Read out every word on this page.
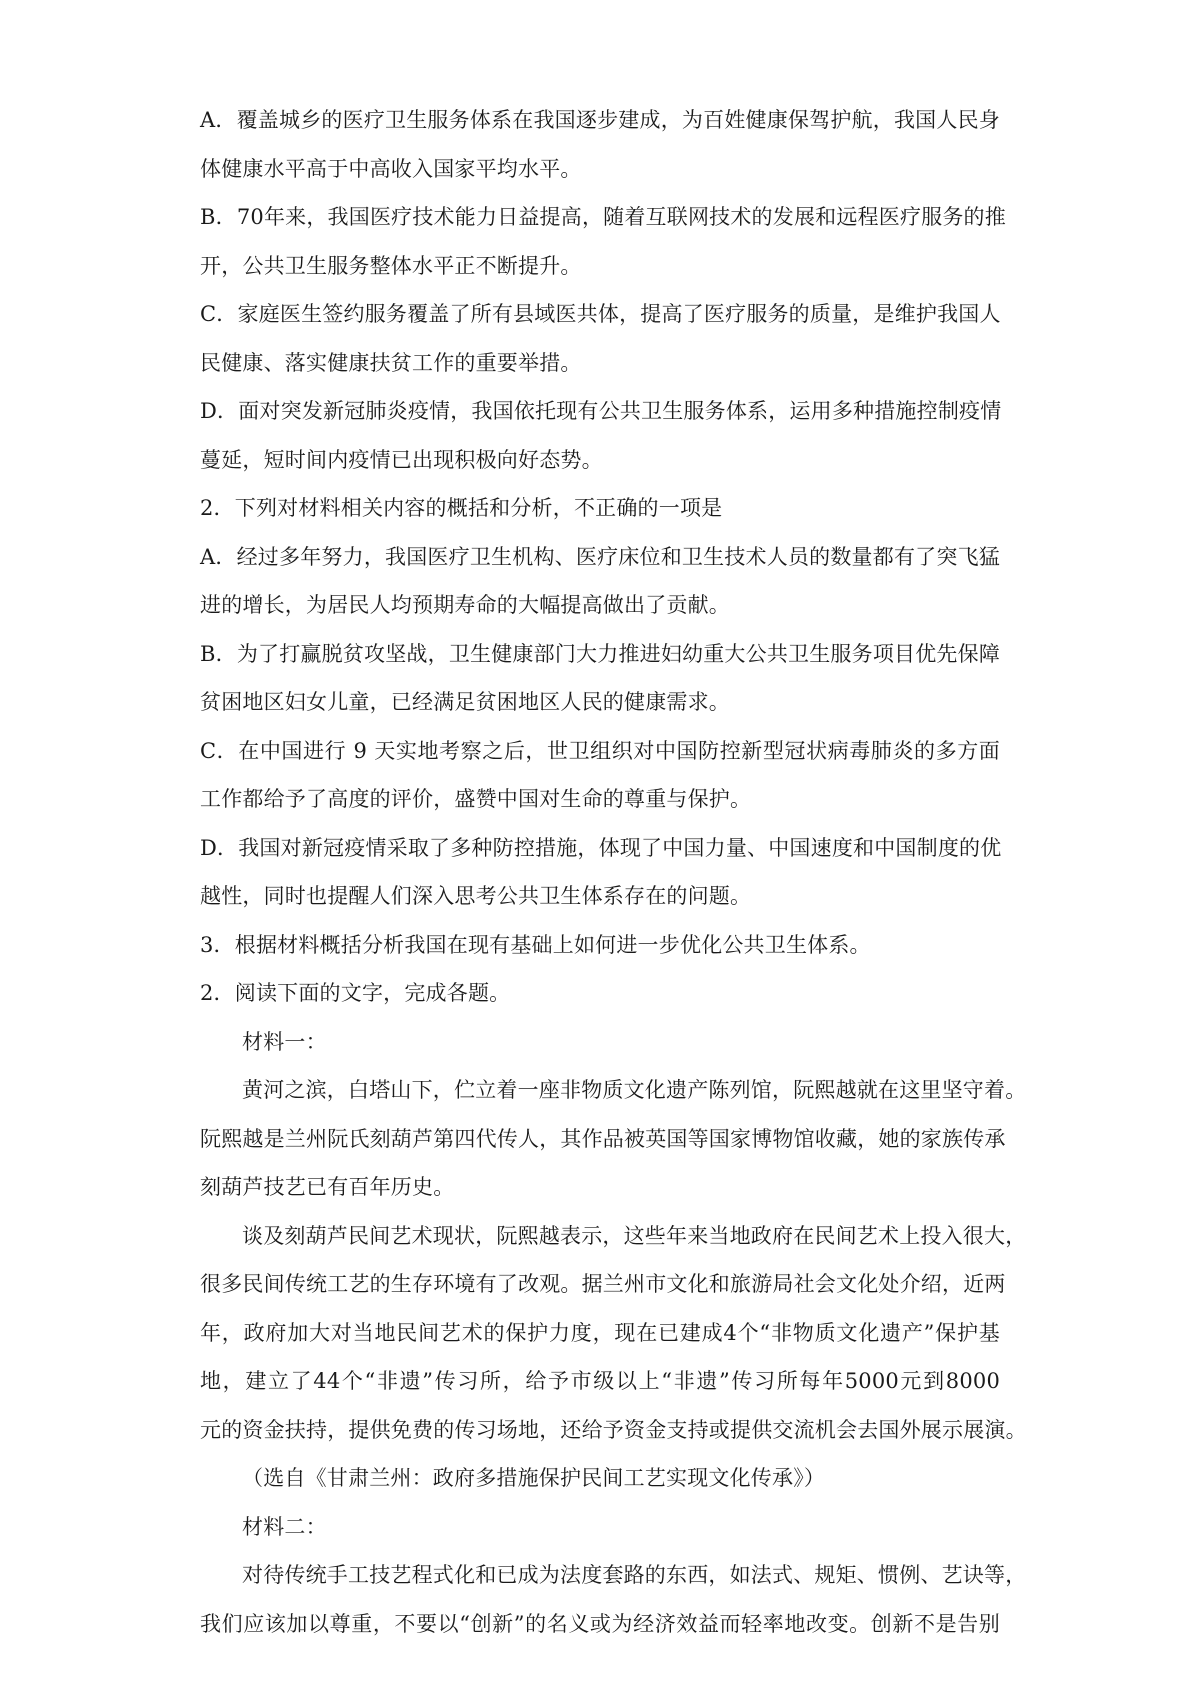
A．覆盖城乡的医疗卫生服务体系在我国逐步建成，为百姓健康保驾护航，我国人民身
体健康水平高于中高收入国家平均水平。
B．70年来，我国医疗技术能力日益提高，随着互联网技术的发展和远程医疗服务的推
开，公共卫生服务整体水平正不断提升。
C．家庭医生签约服务覆盖了所有县域医共体，提高了医疗服务的质量，是维护我国人
民健康、落实健康扶贫工作的重要举措。
D．面对突发新冠肺炎疫情，我国依托现有公共卫生服务体系，运用多种措施控制疫情
蔓延，短时间内疫情已出现积极向好态势。
2．下列对材料相关内容的概括和分析，不正确的一项是
A．经过多年努力，我国医疗卫生机构、医疗床位和卫生技术人员的数量都有了突飞猛
进的增长，为居民人均预期寿命的大幅提高做出了贡献。
B．为了打赢脱贫攻坚战，卫生健康部门大力推进妇幼重大公共卫生服务项目优先保障
贫困地区妇女儿童，已经满足贫困地区人民的健康需求。
C．在中国进行 9 天实地考察之后，世卫组织对中国防控新型冠状病毒肺炎的多方面
工作都给予了高度的评价，盛赞中国对生命的尊重与保护。
D．我国对新冠疫情采取了多种防控措施，体现了中国力量、中国速度和中国制度的优
越性，同时也提醒人们深入思考公共卫生体系存在的问题。
3．根据材料概括分析我国在现有基础上如何进一步优化公共卫生体系。
2．阅读下面的文字，完成各题。
材料一：
黄河之滨，白塔山下，伫立着一座非物质文化遗产陈列馆，阮熙越就在这里坚守着。
阮熙越是兰州阮氏刻葫芦第四代传人，其作品被英国等国家博物馆收藏，她的家族传承
刻葫芦技艺已有百年历史。
谈及刻葫芦民间艺术现状，阮熙越表示，这些年来当地政府在民间艺术上投入很大，
很多民间传统工艺的生存环境有了改观。据兰州市文化和旅游局社会文化处介绍，近两
年，政府加大对当地民间艺术的保护力度，现在已建成4个“非物质文化遗产”保护基
地，建立了44个“非遗”传习所，给予市级以上“非遗”传习所每年5000元到8000
元的资金扶持，提供免费的传习场地，还给予资金支持或提供交流机会去国外展示展演。
（选自《甘肃兰州：政府多措施保护民间工艺实现文化传承》）
材料二：
对待传统手工技艺程式化和已成为法度套路的东西，如法式、规矩、惯例、艺诀等，
我们应该加以尊重，不要以“创新”的名义或为经济效益而轻率地改变。创新不是告别
